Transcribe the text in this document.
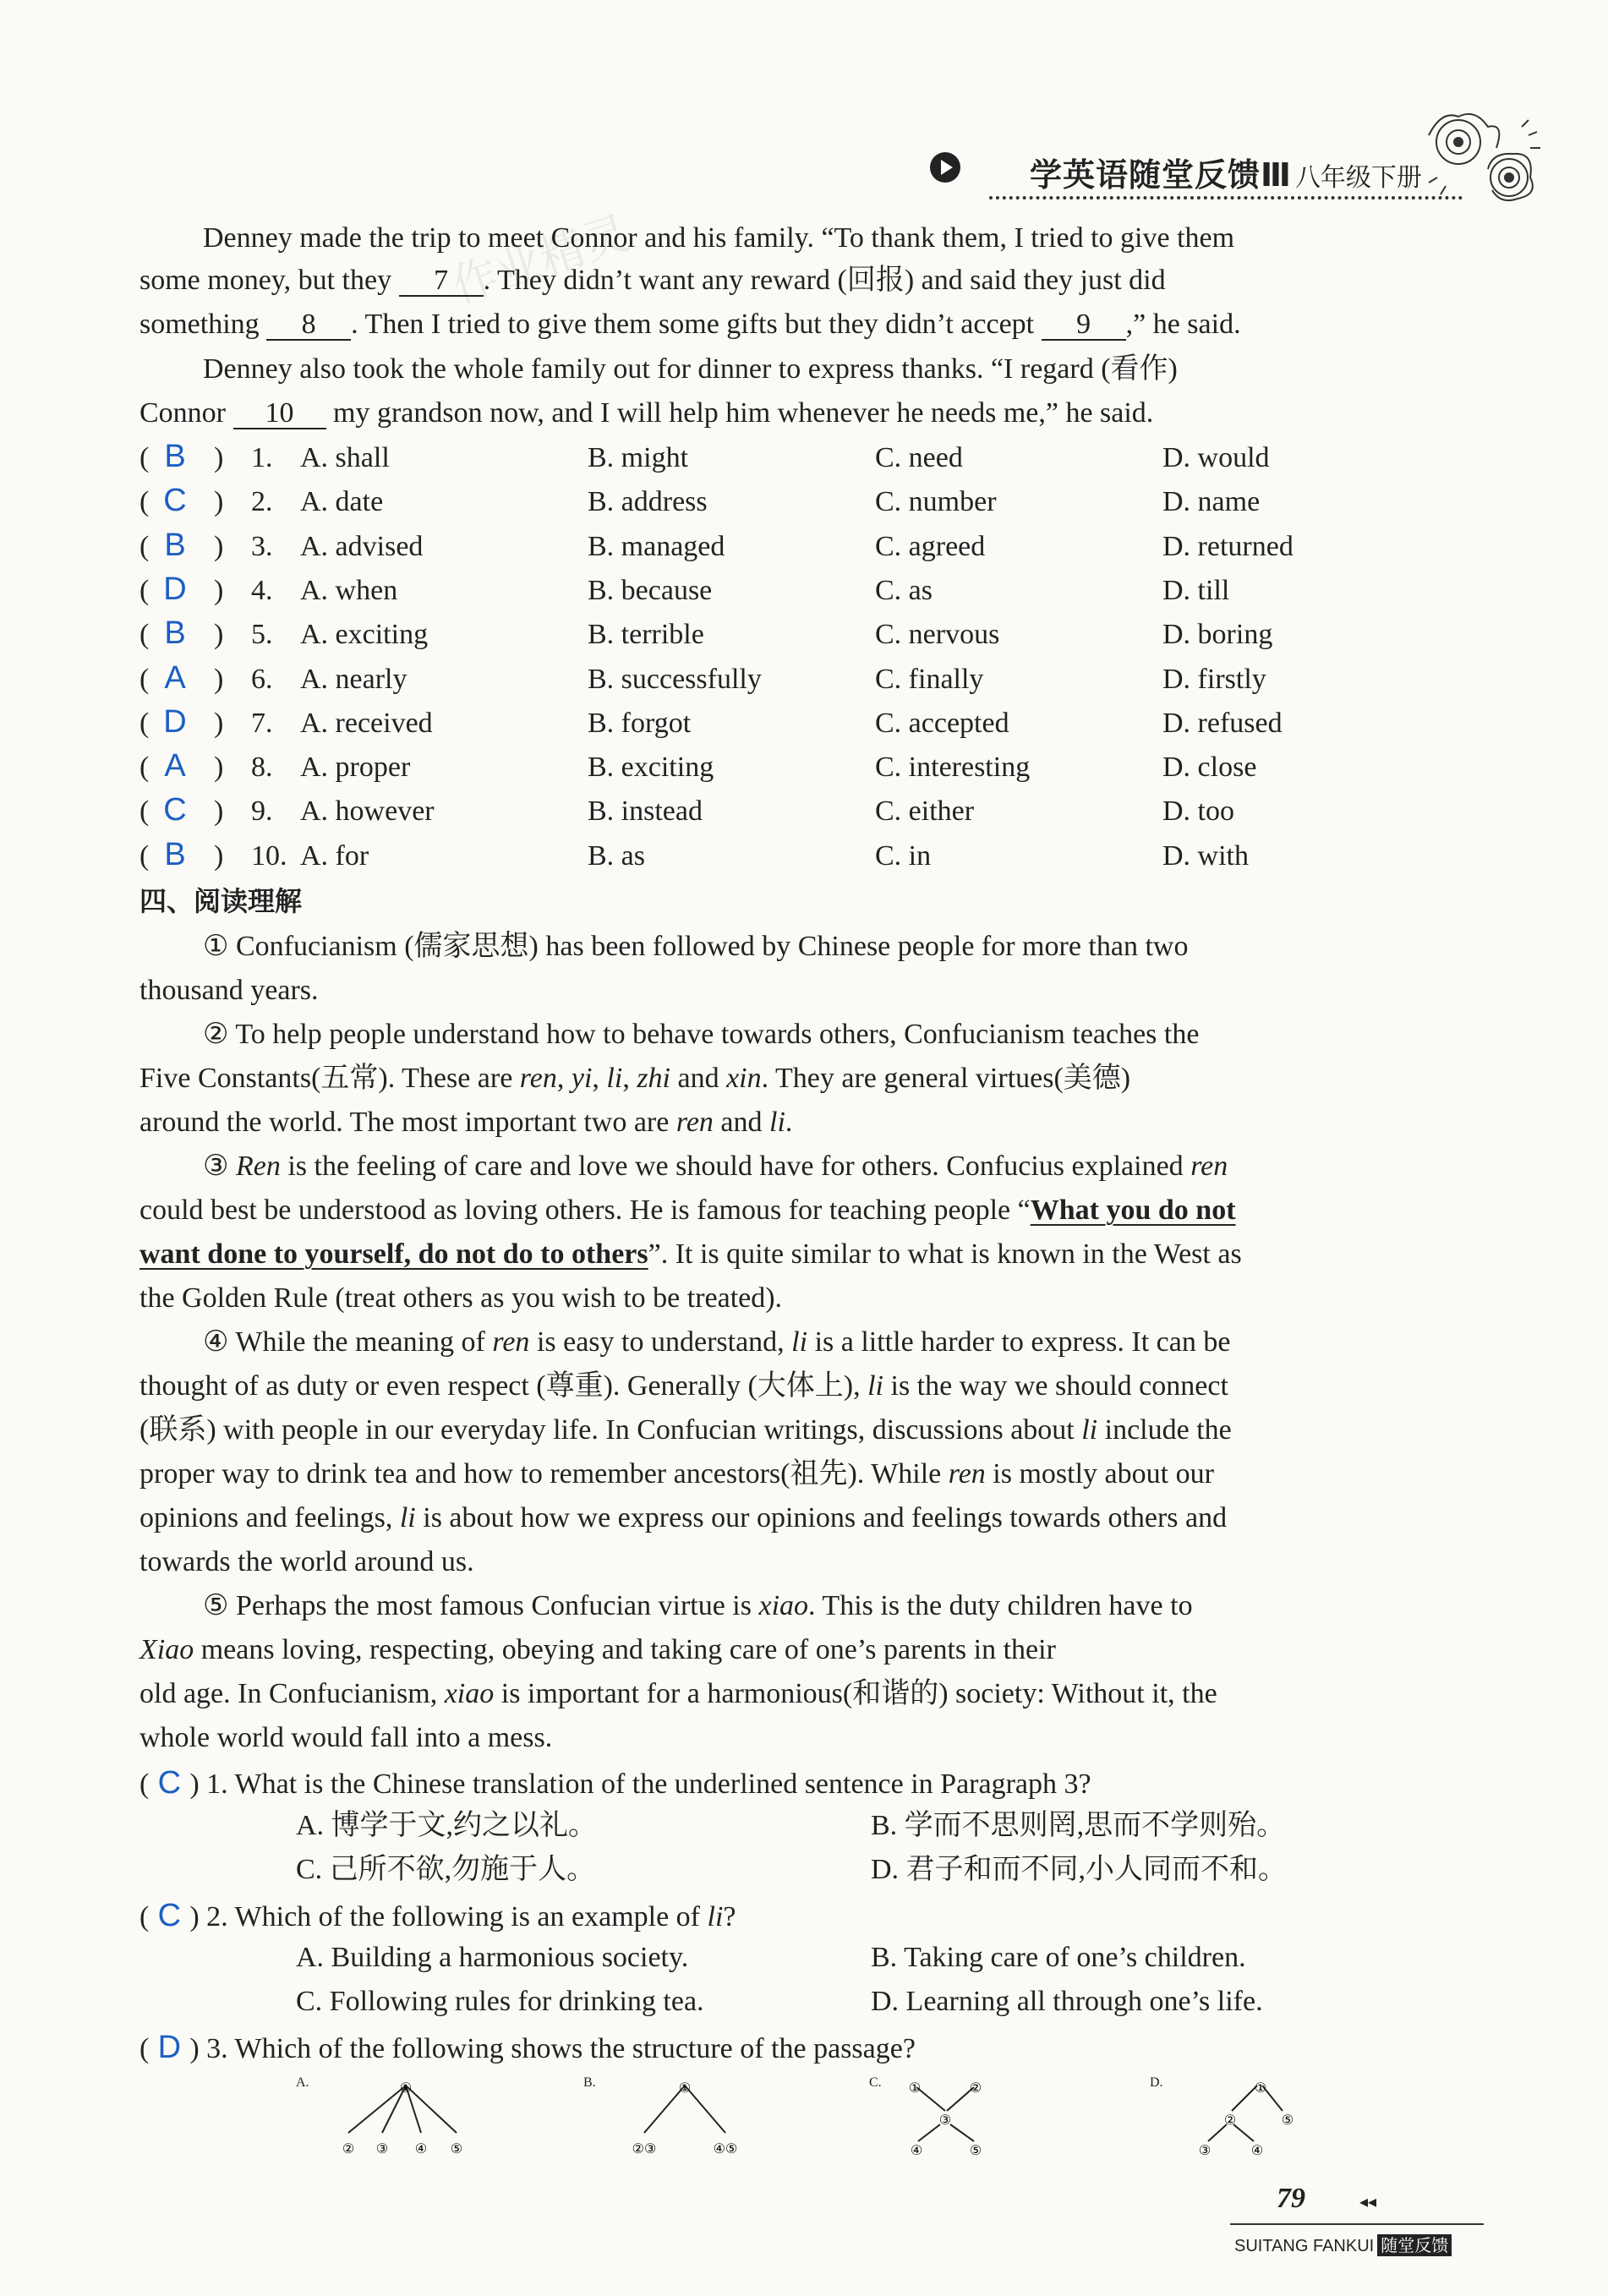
学英语随堂反馈Ⅲ 八年级下册
作业精灵
Denney made the trip to meet Connor and his family. “To thank them, I tried to give them
some money, but they 7 . They didn’t want any reward (回报) and said they just did
something 8 . Then I tried to give them some gifts but they didn’t accept 9 ,” he said.
Denney also took the whole family out for dinner to express thanks. “I regard (看作)
Connor 10 my grandson now, and I will help him whenever he needs me,” he said.
( B ) 1. A. shall	B. might	C. need	D. would
( C ) 2. A. date	B. address	C. number	D. name
( B ) 3. A. advised	B. managed	C. agreed	D. returned
( D ) 4. A. when	B. because	C. as	D. till
( B ) 5. A. exciting	B. terrible	C. nervous	D. boring
( A ) 6. A. nearly	B. successfully	C. finally	D. firstly
( D ) 7. A. received	B. forgot	C. accepted	D. refused
( A ) 8. A. proper	B. exciting	C. interesting	D. close
( C ) 9. A. however	B. instead	C. either	D. too
( B ) 10. A. for	B. as	C. in	D. with
四、阅读理解
① Confucianism (儒家思想) has been followed by Chinese people for more than two
thousand years.
② To help people understand how to behave towards others, Confucianism teaches the
Five Constants(五常). These are ren, yi, li, zhi and xin. They are general virtues(美德)
around the world. The most important two are ren and li.
③ Ren is the feeling of care and love we should have for others. Confucius explained ren
could best be understood as loving others. He is famous for teaching people “What you do not
want done to yourself, do not do to others”. It is quite similar to what is known in the West as
the Golden Rule (treat others as you wish to be treated).
④ While the meaning of ren is easy to understand, li is a little harder to express. It can be
thought of as duty or even respect (尊重). Generally (大体上), li is the way we should connect
(联系) with people in our everyday life. In Confucian writings, discussions about li include the
proper way to drink tea and how to remember ancestors(祖先). While ren is mostly about our
opinions and feelings, li is about how we express our opinions and feelings towards others and
towards the world around us.
⑤ Perhaps the most famous Confucian virtue is xiao. This is the duty children have to
Xiao means loving, respecting, obeying and taking care of one’s parents in their
old age. In Confucianism, xiao is important for a harmonious(和谐的) society: Without it, the
whole world would fall into a mess.
( C ) 1. What is the Chinese translation of the underlined sentence in Paragraph 3?
A. 博学于文,约之以礼。	B. 学而不思则罔,思而不学则殆。
C. 己所不欲,勿施于人。	D. 君子和而不同,小人同而不和。
( C ) 2. Which of the following is an example of li?
A. Building a harmonious society.	B. Taking care of one’s children.
C. Following rules for drinking tea.	D. Learning all through one’s life.
( D ) 3. Which of the following shows the structure of the passage?
A.	①
② ③ ④ ⑤
B.	①
②③	④⑤
C. ①	②
③
④	⑤
D.	①
②	⑤
③	④
79	◂◂
SUITANG FANKUI 随堂反馈
